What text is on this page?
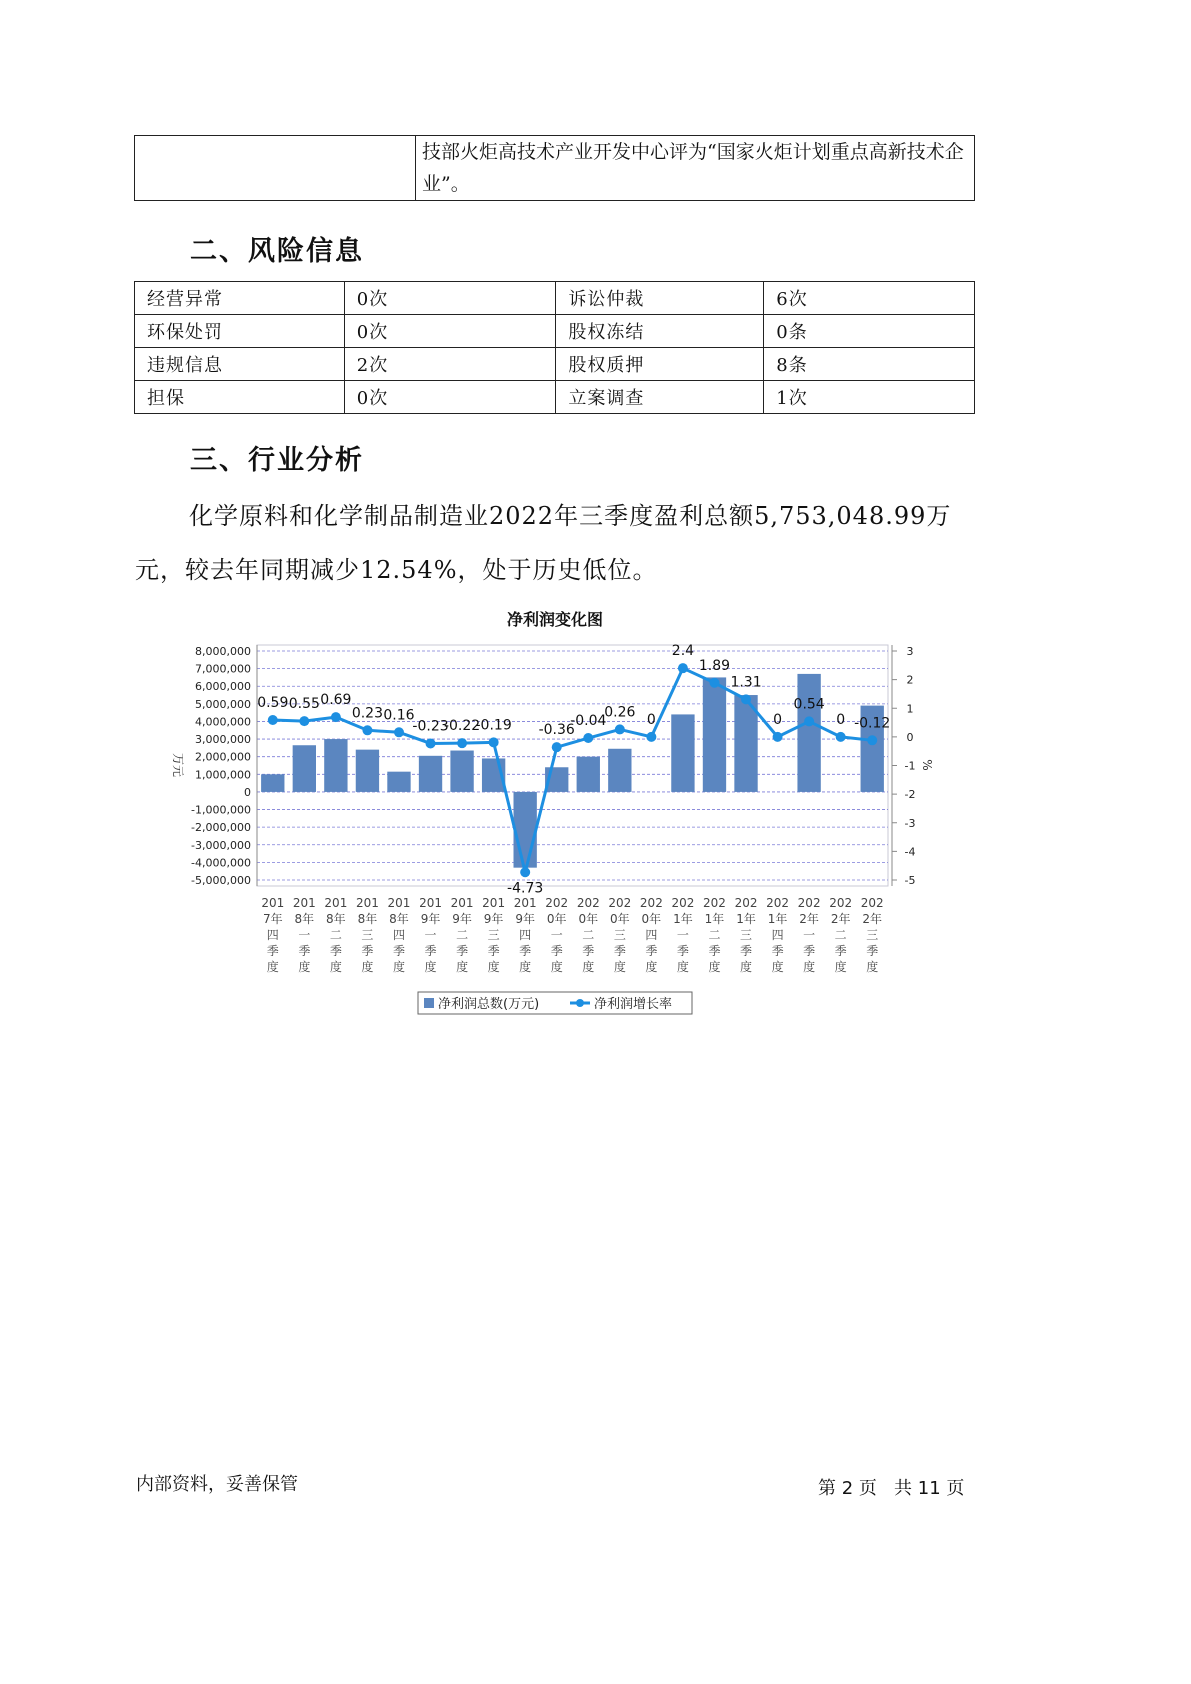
	技部火炬高技术产业开发中心评为“国家火炬计划重点高新技术企业”。
二、风险信息
经营异常	0次	诉讼仲裁	6次
环保处罚	0次	股权冻结	0条
违规信息	2次	股权质押	8条
担保	0次	立案调查	1次
三、行业分析
化学原料和化学制品制造业2022年三季度盈利总额5,753,048.99万元，较去年同期减少12.54%，处于历史低位。
净利润变化图
8,000,000
7,000,000
6,000,000
5,000,000
4,000,000
3,000,000
2,000,000
1,000,000
0
-1,000,000
-2,000,000
-3,000,000
-4,000,000
-5,000,000
3
2
1
0
-1
-2
-3
-4
-5
万元	%
201
7年
四
季
度
201
8年
一
季
度
201
8年
二
季
度
201
8年
三
季
度
201
8年
四
季
度
201
9年
一
季
度
201
9年
二
季
度
201
9年
三
季
度
201
9年
四
季
度
202
0年
一
季
度
202
0年
二
季
度
202
0年
三
季
度
202
0年
四
季
度
202
1年
一
季
度
202
1年
二
季
度
202
1年
三
季
度
202
1年
四
季
度
202
2年
一
季
度
202
2年
二
季
度
202
2年
三
季
度
0.59 0.55 0.69
0.23 0.16
-0.23
-0.22
-0.19
-4.73
-0.36
-0.04
0.26 0
2.4
1.89
1.31
0
0.54
0 -0.12
净利润总数(万元)	净利润增长率
内部资料，妥善保管	第 2 页   共 11 页
